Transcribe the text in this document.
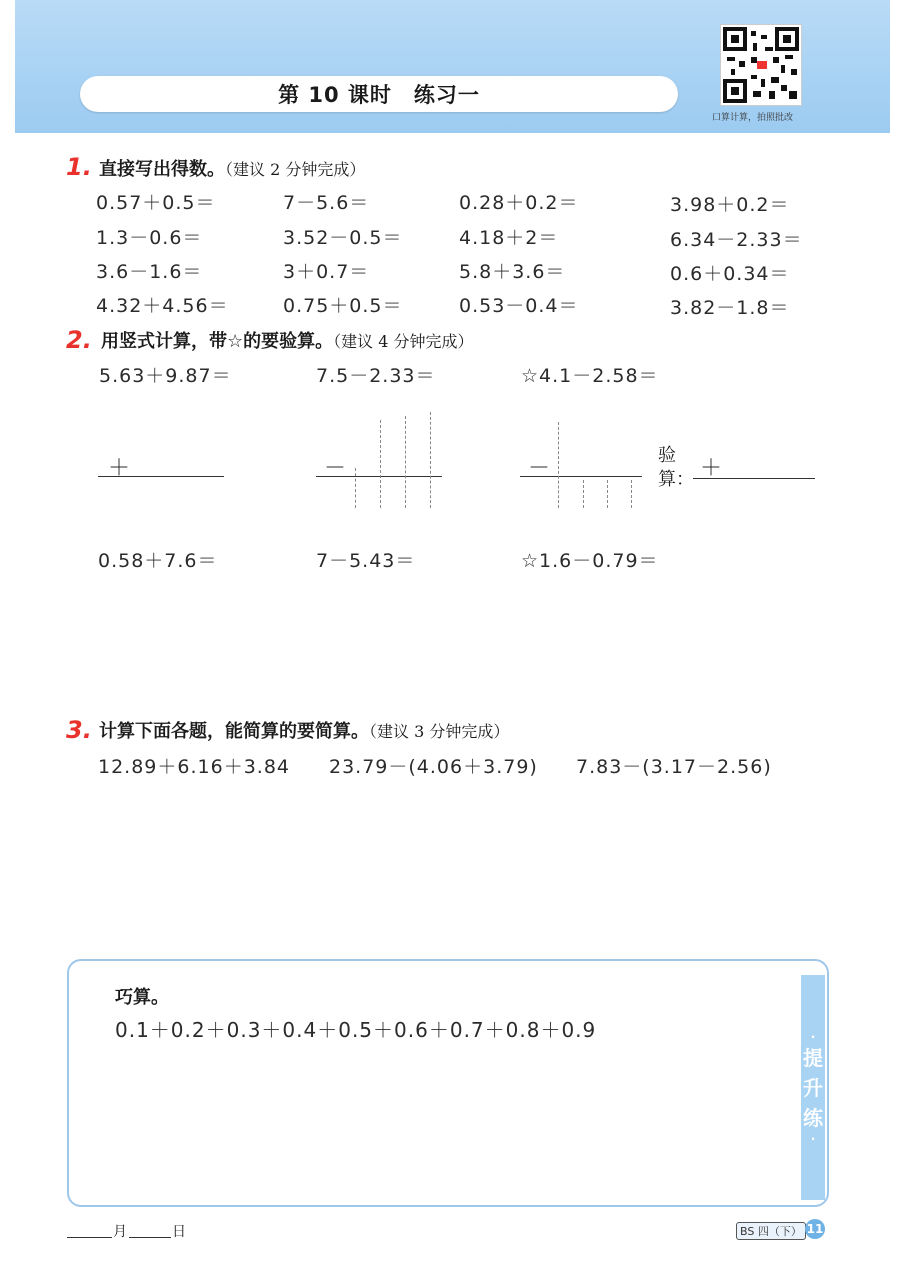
第 10 课时　练习一
口算计算，拍照批改
1. 直接写出得数。（建议 2 分钟完成）
0.57＋0.5＝	7－5.6＝	0.28＋0.2＝	3.98＋0.2＝
1.3－0.6＝	3.52－0.5＝	4.18＋2＝	6.34－2.33＝
3.6－1.6＝	3＋0.7＝	5.8＋3.6＝	0.6＋0.34＝
4.32＋4.56＝	0.75＋0.5＝	0.53－0.4＝	3.82－1.8＝
2. 用竖式计算，带☆的要验算。（建议 4 分钟完成）
5.63＋9.87＝	7.5－2.33＝	☆4.1－2.58＝
＋	－	－
验
算： ＋
0.58＋7.6＝	7－5.43＝	☆1.6－0.79＝
3. 计算下面各题，能简算的要简算。（建议 3 分钟完成）
12.89＋6.16＋3.84 23.79－(4.06＋3.79) 7.83－(3.17－2.56)
·
提
升
练
·
巧算。
0.1＋0.2＋0.3＋0.4＋0.5＋0.6＋0.7＋0.8＋0.9
月	日	BS 四（下） 11
